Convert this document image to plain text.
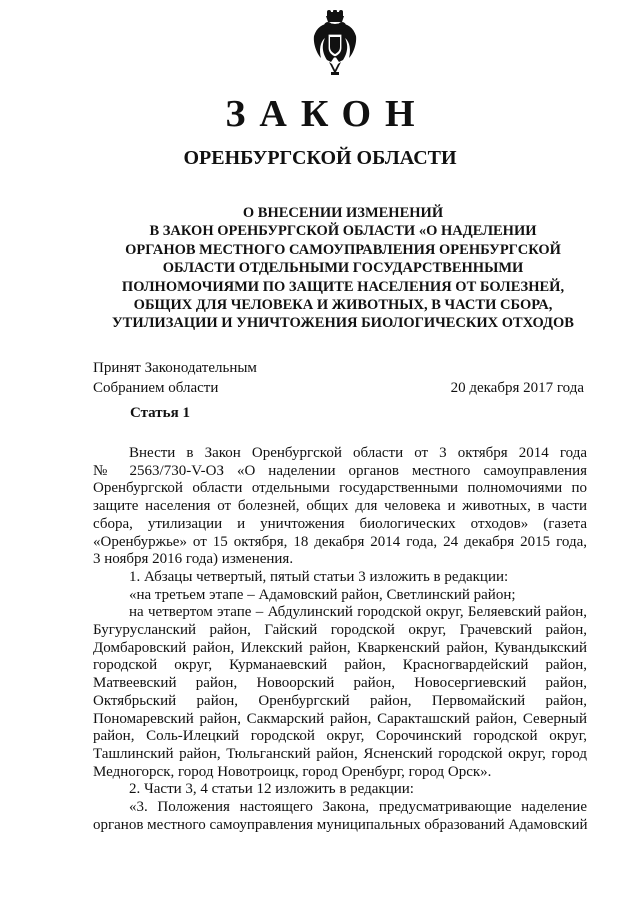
ЗАКОН
ОРЕНБУРГСКОЙ ОБЛАСТИ
О ВНЕСЕНИИ ИЗМЕНЕНИЙ
В ЗАКОН ОРЕНБУРГСКОЙ ОБЛАСТИ «О НАДЕЛЕНИИ
ОРГАНОВ МЕСТНОГО САМОУПРАВЛЕНИЯ ОРЕНБУРГСКОЙ
ОБЛАСТИ ОТДЕЛЬНЫМИ ГОСУДАРСТВЕННЫМИ
ПОЛНОМОЧИЯМИ ПО ЗАЩИТЕ НАСЕЛЕНИЯ ОТ БОЛЕЗНЕЙ,
ОБЩИХ ДЛЯ ЧЕЛОВЕКА И ЖИВОТНЫХ, В ЧАСТИ СБОРА,
УТИЛИЗАЦИИ И УНИЧТОЖЕНИЯ БИОЛОГИЧЕСКИХ ОТХОДОВ
Принят Законодательным
Собранием области	20 декабря 2017 года
Статья 1
Внести в Закон Оренбургской области от 3 октября 2014 года
№ 2563/730-V-ОЗ «О наделении органов местного самоуправления
Оренбургской области отдельными государственными полномочиями по
защите населения от болезней, общих для человека и животных, в части
сбора, утилизации и уничтожения биологических отходов» (газета
«Оренбуржье» от 15 октября, 18 декабря 2014 года, 24 декабря 2015 года,
3 ноября 2016 года) изменения.
1. Абзацы четвертый, пятый статьи 3 изложить в редакции:
«на третьем этапе – Адамовский район, Светлинский район;
на четвертом этапе – Абдулинский городской округ, Беляевский район,
Бугурусланский район, Гайский городской округ, Грачевский район,
Домбаровский район, Илекский район, Кваркенский район, Кувандыкский
городской округ, Курманаевский район, Красногвардейский район,
Матвеевский район, Новоорский район, Новосергиевский район,
Октябрьский район, Оренбургский район, Первомайский район,
Пономаревский район, Сакмарский район, Саракташский район, Северный
район, Соль-Илецкий городской округ, Сорочинский городской округ,
Ташлинский район, Тюльганский район, Ясненский городской округ, город
Медногорск, город Новотроицк, город Оренбург, город Орск».
2. Части 3, 4 статьи 12 изложить в редакции:
«3. Положения настоящего Закона, предусматривающие наделение
органов местного самоуправления муниципальных образований Адамовский
